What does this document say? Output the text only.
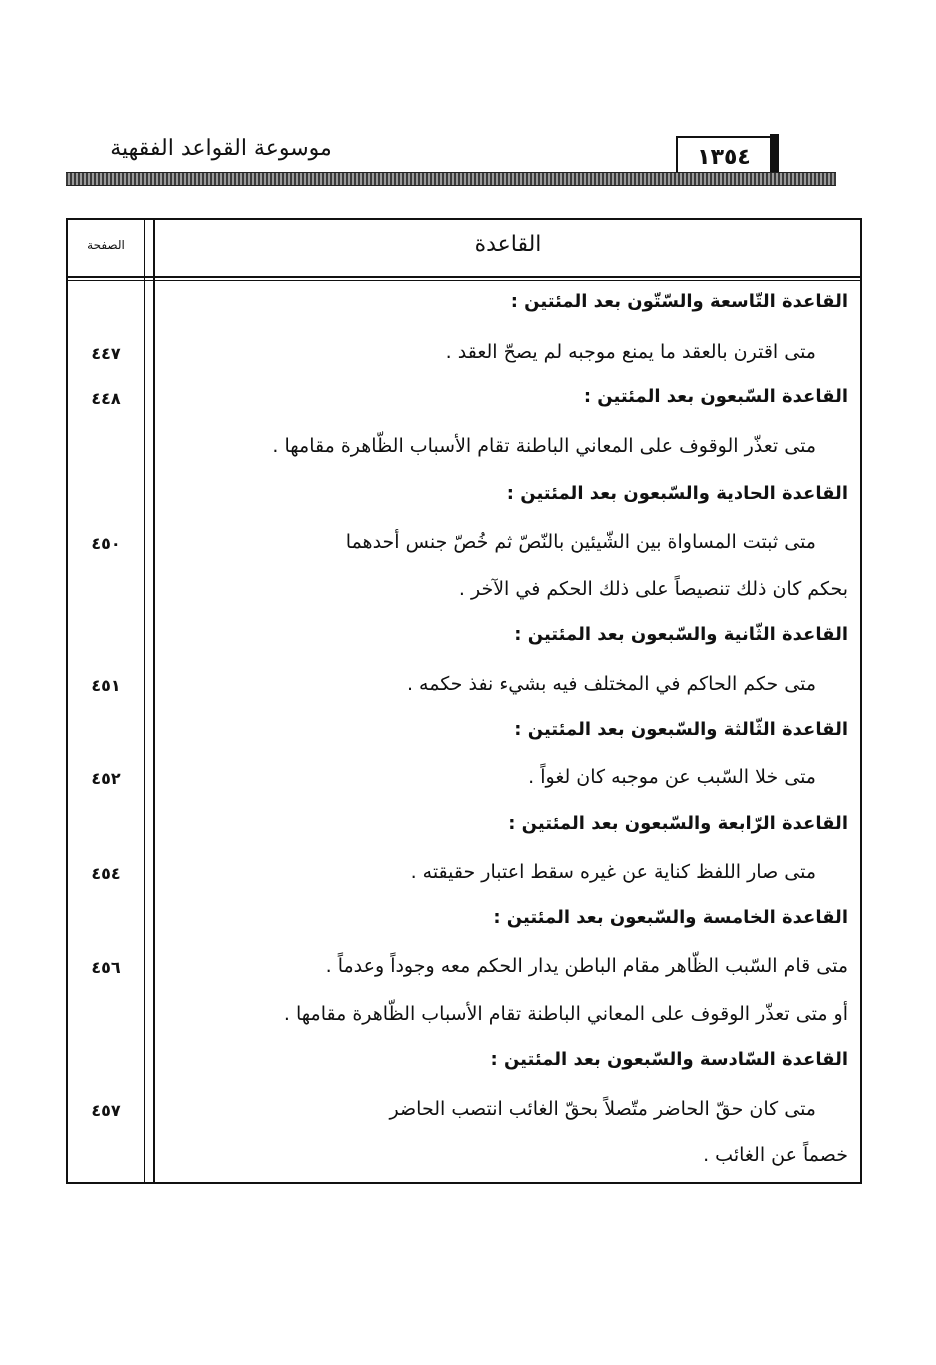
موسوعة القواعد الفقهية	١٣٥٤
القاعدة
الصفحة
القاعدة التّاسعة والسّتّون بعد المئتين :
متى اقترن بالعقد ما يمنع موجبه لم يصحّ العقد .
٤٤٧
القاعدة السّبعون بعد المئتين :
٤٤٨
متى تعذّر الوقوف على المعاني الباطنة تقام الأسباب الظّاهرة مقامها .
القاعدة الحادية والسّبعون بعد المئتين :
متى ثبتت المساواة بين الشّيئين بالنّصّ ثم خُصّ جنس أحدهما
٤٥٠
بحكم كان ذلك تنصيصاً على ذلك الحكم في الآخر .
القاعدة الثّانية والسّبعون بعد المئتين :
متى حكم الحاكم في المختلف فيه بشيء نفذ حكمه .
٤٥١
القاعدة الثّالثة والسّبعون بعد المئتين :
متى خلا السّبب عن موجبه كان لغواً .
٤٥٢
القاعدة الرّابعة والسّبعون بعد المئتين :
متى صار اللفظ كناية عن غيره سقط اعتبار حقيقته .
٤٥٤
القاعدة الخامسة والسّبعون بعد المئتين :
متى قام السّبب الظّاهر مقام الباطن يدار الحكم معه وجوداً وعدماً .
٤٥٦
أو متى تعذّر الوقوف على المعاني الباطنة تقام الأسباب الظّاهرة مقامها .
القاعدة السّادسة والسّبعون بعد المئتين :
متى كان حقّ الحاضر متّصلاً بحقّ الغائب انتصب الحاضر
٤٥٧
خصماً عن الغائب .
